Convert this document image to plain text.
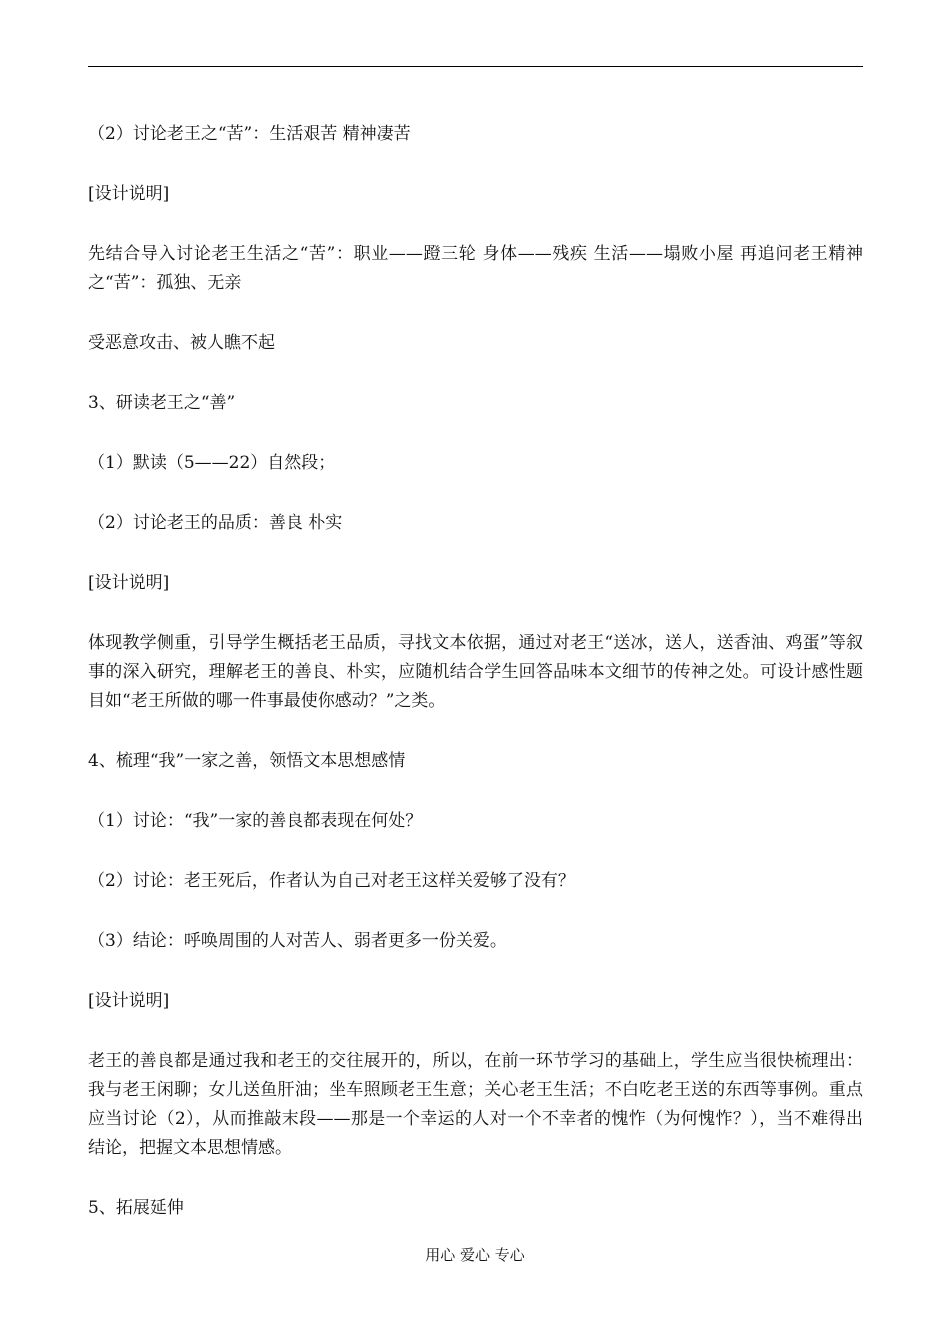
（2）讨论老王之“苦”：生活艰苦 精神凄苦

[设计说明]

先结合导入讨论老王生活之“苦”：职业——蹬三轮 身体——残疾 生活——塌败小屋 再追问老王精神之“苦”：孤独、无亲

受恶意攻击、被人瞧不起

3、研读老王之“善”

（1）默读（5——22）自然段；

（2）讨论老王的品质：善良 朴实

[设计说明]

体现教学侧重，引导学生概括老王品质，寻找文本依据，通过对老王“送冰，送人，送香油、鸡蛋”等叙事的深入研究，理解老王的善良、朴实，应随机结合学生回答品味本文细节的传神之处。可设计感性题目如“老王所做的哪一件事最使你感动？”之类。

4、梳理“我”一家之善，领悟文本思想感情

（1）讨论：“我”一家的善良都表现在何处？

（2）讨论：老王死后，作者认为自己对老王这样关爱够了没有？

（3）结论：呼唤周围的人对苦人、弱者更多一份关爱。

[设计说明]

老王的善良都是通过我和老王的交往展开的，所以，在前一环节学习的基础上，学生应当很快梳理出：我与老王闲聊；女儿送鱼肝油；坐车照顾老王生意；关心老王生活；不白吃老王送的东西等事例。重点应当讨论（2），从而推敲末段——那是一个幸运的人对一个不幸者的愧怍（为何愧怍？），当不难得出结论，把握文本思想情感。

5、拓展延伸

用心 爱心 专心
